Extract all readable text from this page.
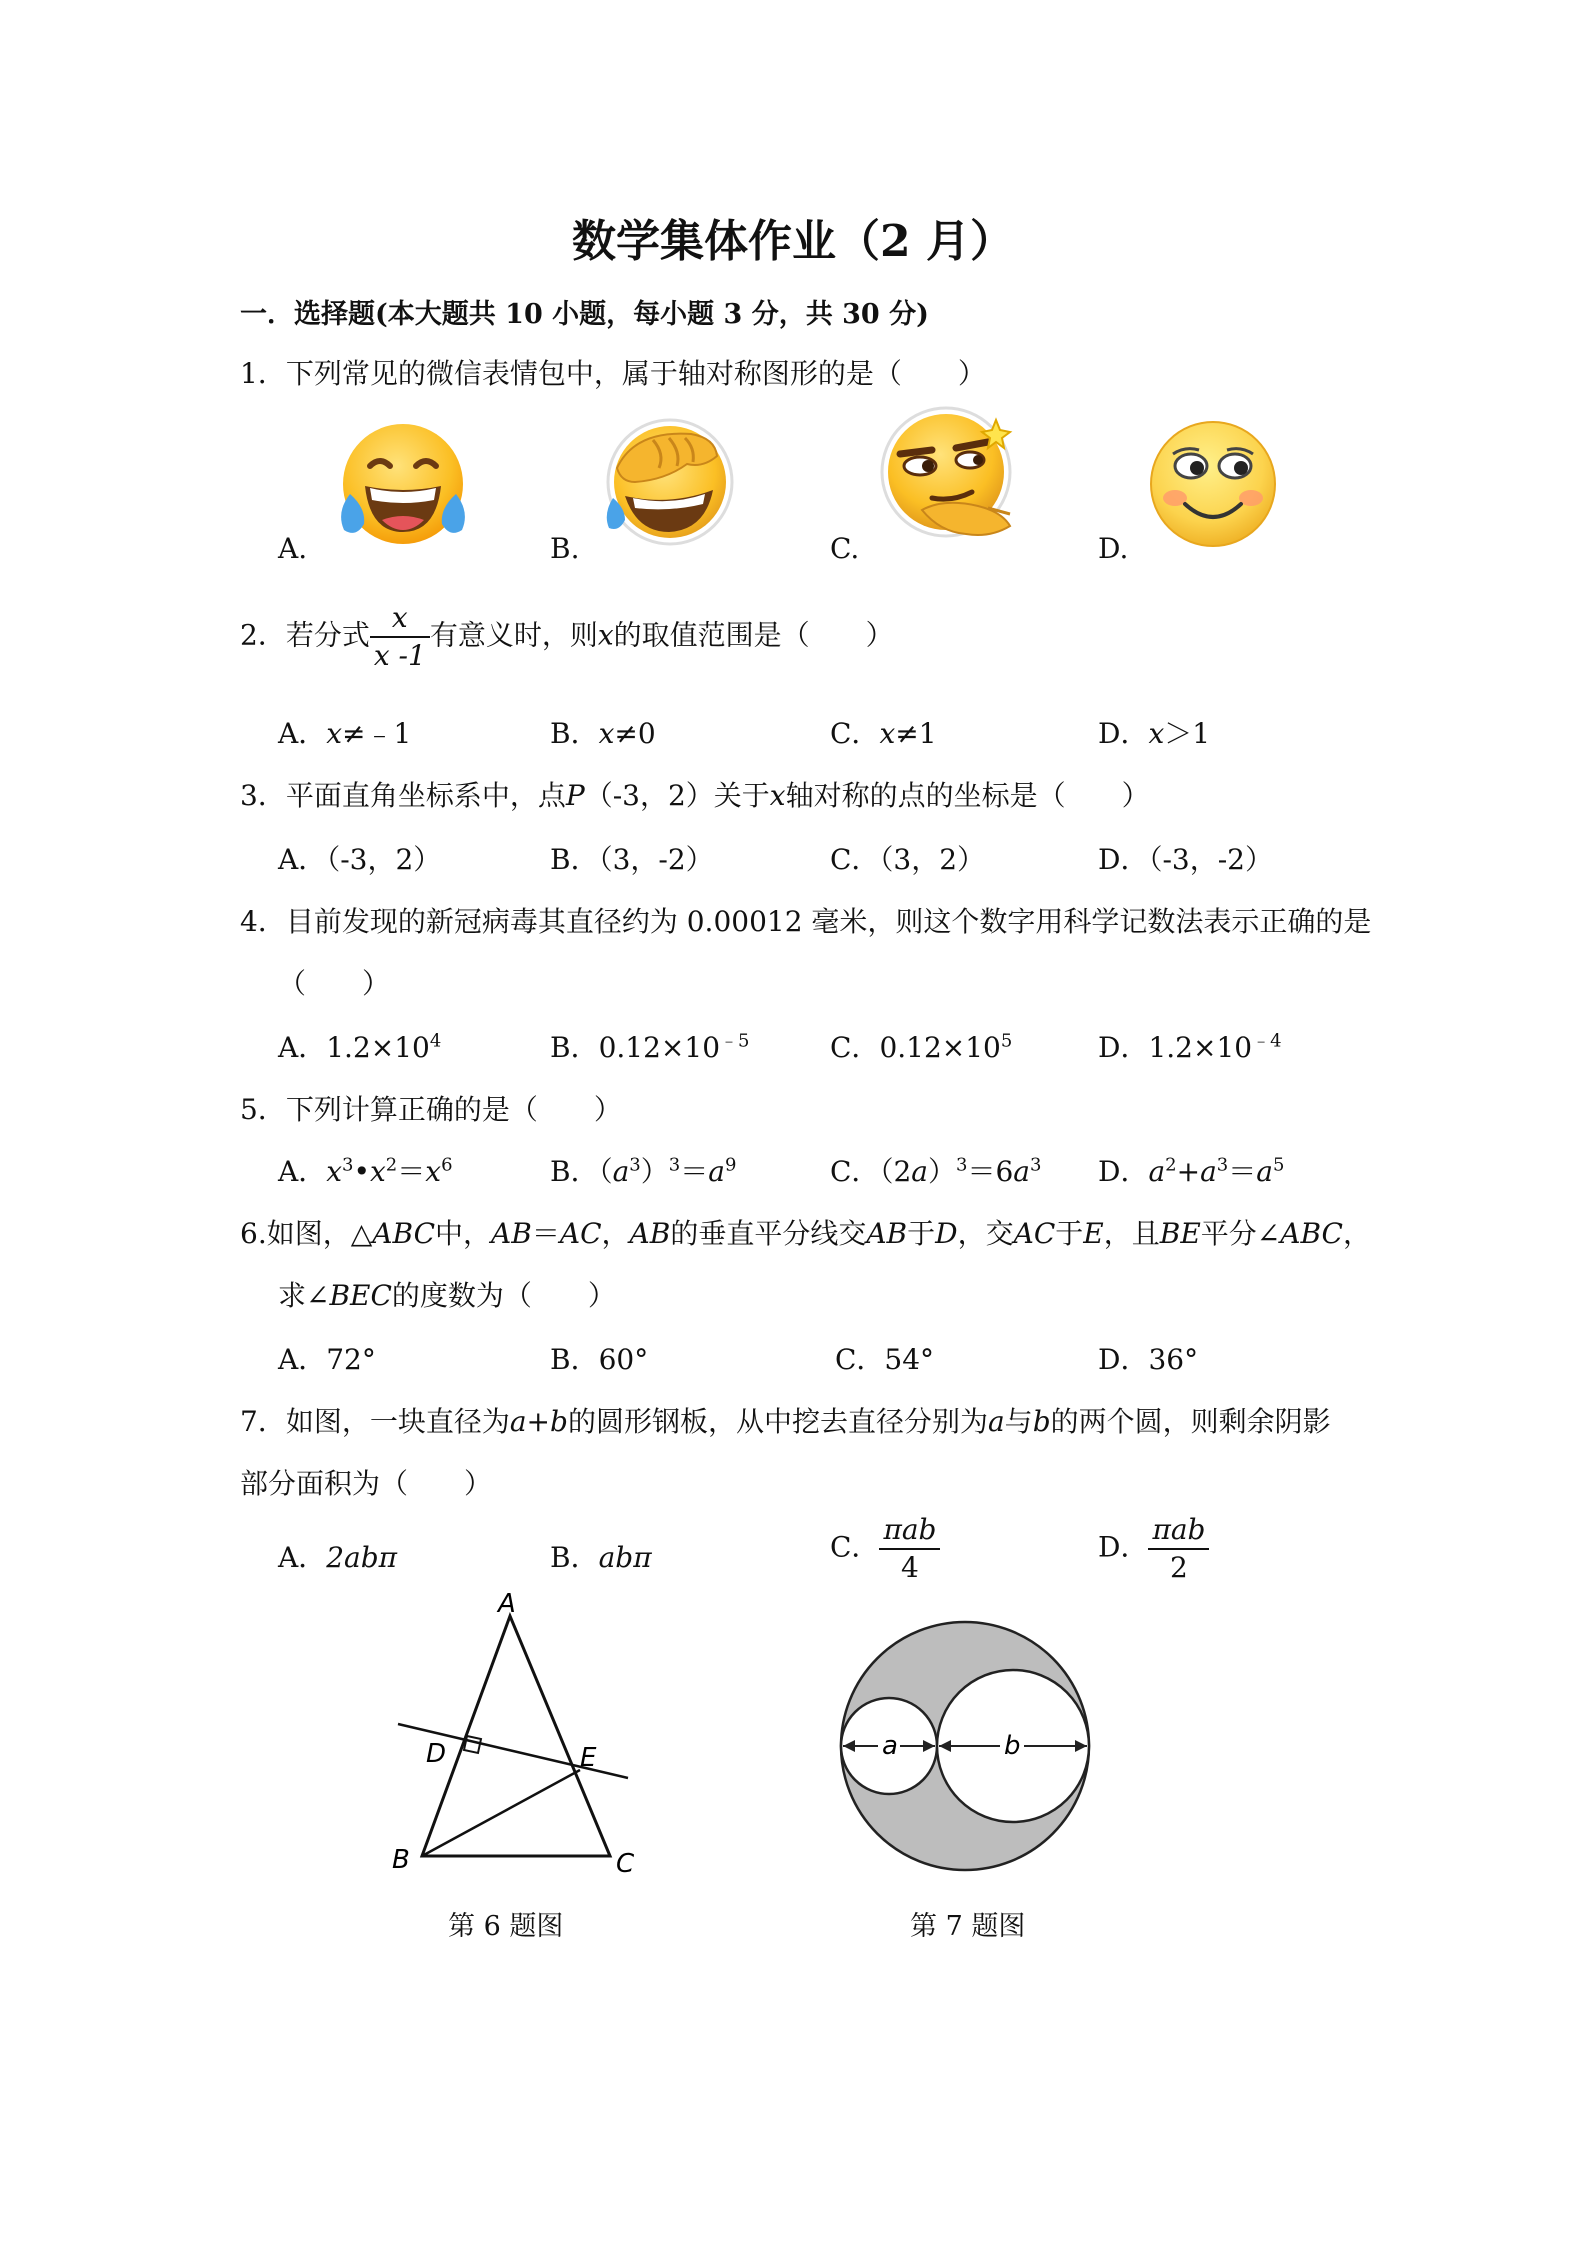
数学集体作业（2 月）
一．选择题(本大题共 10 小题，每小题 3 分，共 30 分)
1．下列常见的微信表情包中，属于轴对称图形的是（　　）
A.	B.	C.	D.
2．若分式 $\frac{x}{x -1}$ 有意义时，则x的取值范围是（　　）
A．x≠﹣1	B．x≠0	C．x≠1	D．x＞1
3．平面直角坐标系中，点P（-3，2）关于x轴对称的点的坐标是（　　）
A．（-3，2）	B．（3，-2）	C．（3，2）	D．（-3，-2）
4．目前发现的新冠病毒其直径约为 0.00012 毫米，则这个数字用科学记数法表示正确的是
（　　）
A．$1.2\times 10^4$	B．$0.12\times 10^{﹣5}$	C．$0.12\times 10^5$	D．$1.2\times 10^{﹣4}$
5．下列计算正确的是（　　）
A．$x^3•x^2=x^6$	B．$(a^3)^3=a^9$	C．$(2a)^3=6a^3$ D．$a^2+a^3=a^5$
6.如图，△ABC中，AB＝AC，AB的垂直平分线交AB于D，交AC于E，且BE平分∠ABC，
求∠BEC的度数为（　　）
A．72°	B．60°	C．54°	D．36°
7．如图，一块直径为a+b的圆形钢板，从中挖去直径分别为a与b的两个圆，则剩余阴影
部分面积为（　　）
A．2abπ	B．abπ	C． $\frac{\text{πab}}{4}$	D． $\frac{\text{πab}}{2}$
A
B	C
D	E
第 6 题图
a	b
第 7 题图
